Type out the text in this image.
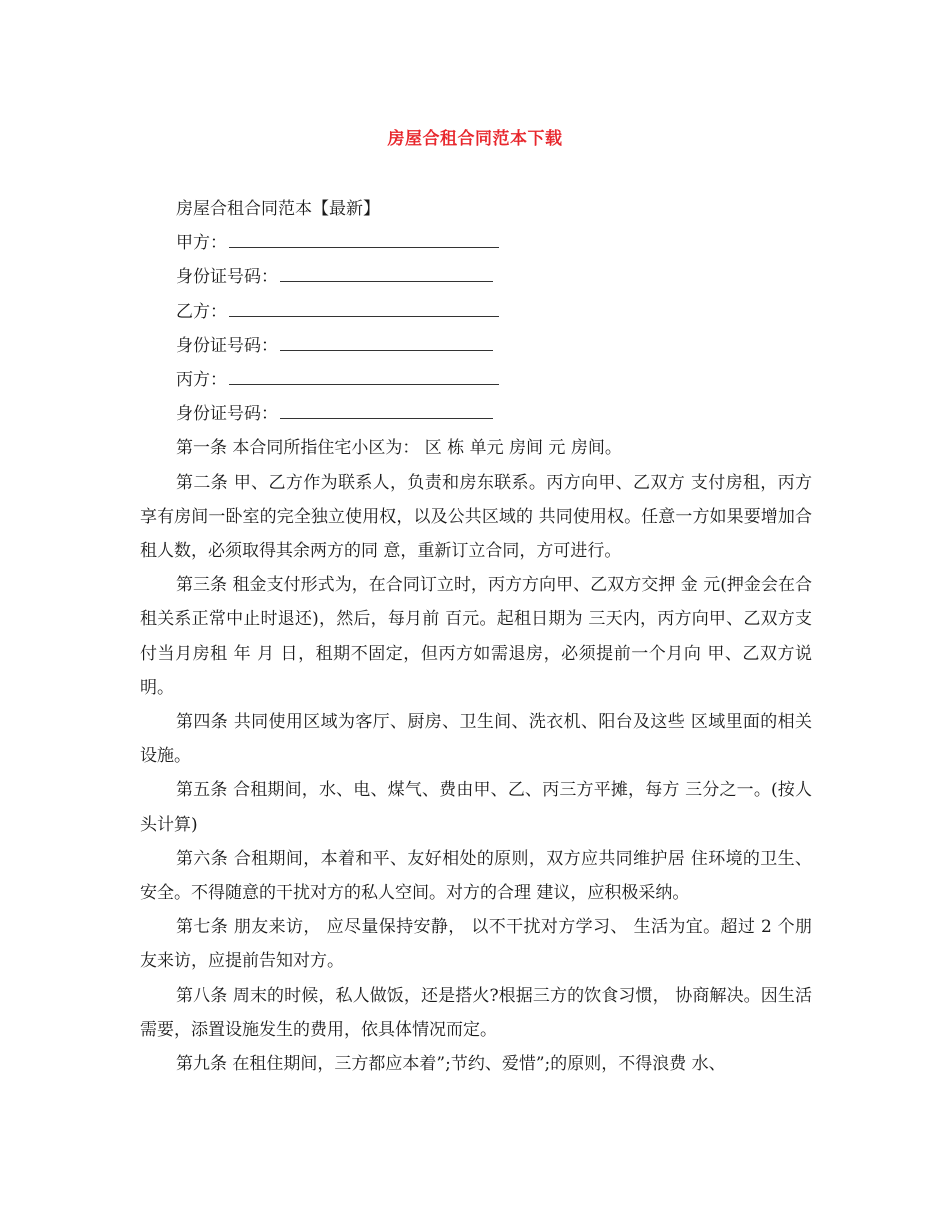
房屋合租合同范本下载
房屋合租合同范本【最新】
甲方：
身份证号码：
乙方：
身份证号码：
丙方：
身份证号码：
第一条 本合同所指住宅小区为： 区 栋 单元 房间 元 房间。
第二条 甲、乙方作为联系人，负责和房东联系。丙方向甲、乙双方 支付房租，丙方享有房间一卧室的完全独立使用权，以及公共区域的 共同使用权。任意一方如果要增加合租人数，必须取得其余两方的同 意，重新订立合同，方可进行。
第三条 租金支付形式为，在合同订立时，丙方方向甲、乙双方交押 金 元(押金会在合租关系正常中止时退还)，然后，每月前 百元。起租日期为 三天内，丙方向甲、乙双方支付当月房租 年 月 日，租期不固定，但丙方如需退房，必须提前一个月向 甲、乙双方说明。
第四条 共同使用区域为客厅、厨房、卫生间、洗衣机、阳台及这些 区域里面的相关设施。
第五条 合租期间，水、电、煤气、费由甲、乙、丙三方平摊，每方 三分之一。(按人头计算)
第六条 合租期间，本着和平、友好相处的原则，双方应共同维护居 住环境的卫生、安全。不得随意的干扰对方的私人空间。对方的合理 建议，应积极采纳。
第七条 朋友来访， 应尽量保持安静， 以不干扰对方学习、 生活为宜。超过 2 个朋友来访，应提前告知对方。
第八条 周末的时候，私人做饭，还是搭火?根据三方的饮食习惯， 协商解决。因生活需要，添置设施发生的费用，依具体情况而定。
第九条 在租住期间，三方都应本着”;节约、爱惜”;的原则，不得浪费 水、
